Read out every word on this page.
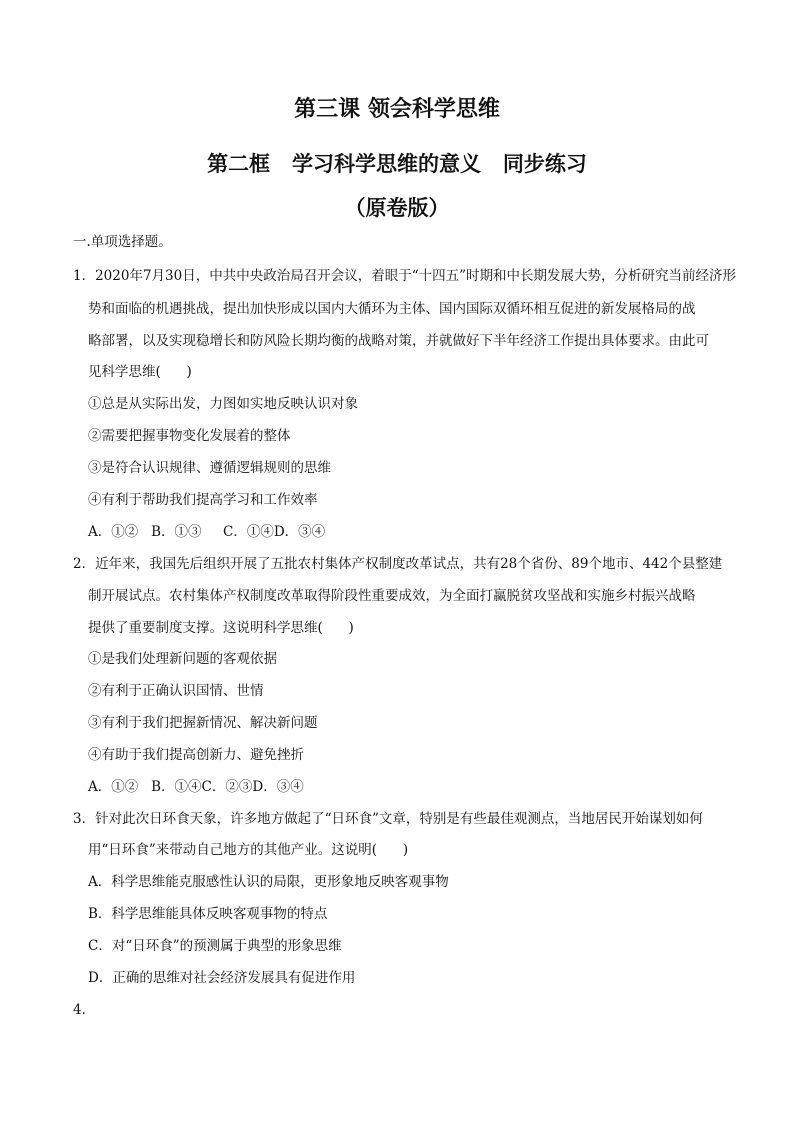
第三课 领会科学思维
第二框   学习科学思维的意义   同步练习
（原卷版）
一.单项选择题。
1．2020年7月30日，中共中央政治局召开会议，着眼于“十四五”时期和中长期发展大势，分析研究当前经济形
势和面临的机遇挑战，提出加快形成以国内大循环为主体、国内国际双循环相互促进的新发展格局的战
略部署，以及实现稳增长和防风险长期均衡的战略对策，并就做好下半年经济工作提出具体要求。由此可
见科学思维(      )
①总是从实际出发，力图如实地反映认识对象
②需要把握事物变化发展着的整体
③是符合认识规律、遵循逻辑规则的思维
④有利于帮助我们提高学习和工作效率
A．①②   B．①③     C．①④D．③④
2．近年来，我国先后组织开展了五批农村集体产权制度改革试点，共有28个省份、89个地市、442个县整建
制开展试点。农村集体产权制度改革取得阶段性重要成效，为全面打赢脱贫攻坚战和实施乡村振兴战略
提供了重要制度支撑。这说明科学思维(      )
①是我们处理新问题的客观依据
②有利于正确认识国情、世情
③有利于我们把握新情况、解决新问题
④有助于我们提高创新力、避免挫折
A．①②   B．①④C．②③D．③④
3．针对此次日环食天象，许多地方做起了“日环食”文章，特别是有些最佳观测点，当地居民开始谋划如何
用“日环食”来带动自己地方的其他产业。这说明(      )
A．科学思维能克服感性认识的局限，更形象地反映客观事物
B．科学思维能具体反映客观事物的特点
C．对“日环食”的预测属于典型的形象思维
D．正确的思维对社会经济发展具有促进作用
4．
